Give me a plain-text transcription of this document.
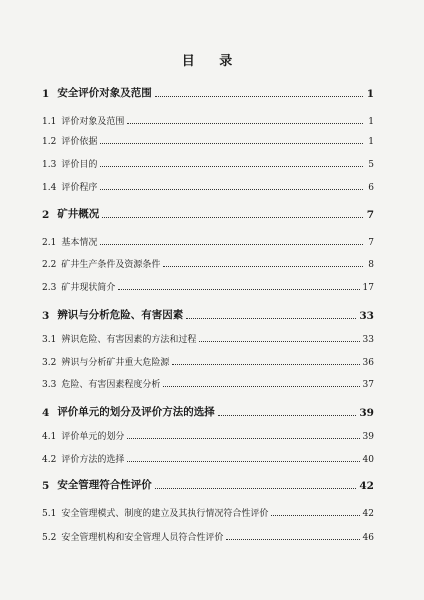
目 录
1 安全评价对象及范围	1
1.1 评价对象及范围	1
1.2 评价依据	1
1.3 评价目的	5
1.4 评价程序	6
2 矿井概况	7
2.1 基本情况	7
2.2 矿井生产条件及资源条件	8
2.3 矿井现状简介	17
3 辨识与分析危险、有害因素	33
3.1 辨识危险、有害因素的方法和过程	33
3.2 辨识与分析矿井重大危险源	36
3.3 危险、有害因素程度分析	37
4 评价单元的划分及评价方法的选择	39
4.1 评价单元的划分	39
4.2 评价方法的选择	40
5 安全管理符合性评价	42
5.1 安全管理模式、制度的建立及其执行情况符合性评价	42
5.2 安全管理机构和安全管理人员符合性评价	46
